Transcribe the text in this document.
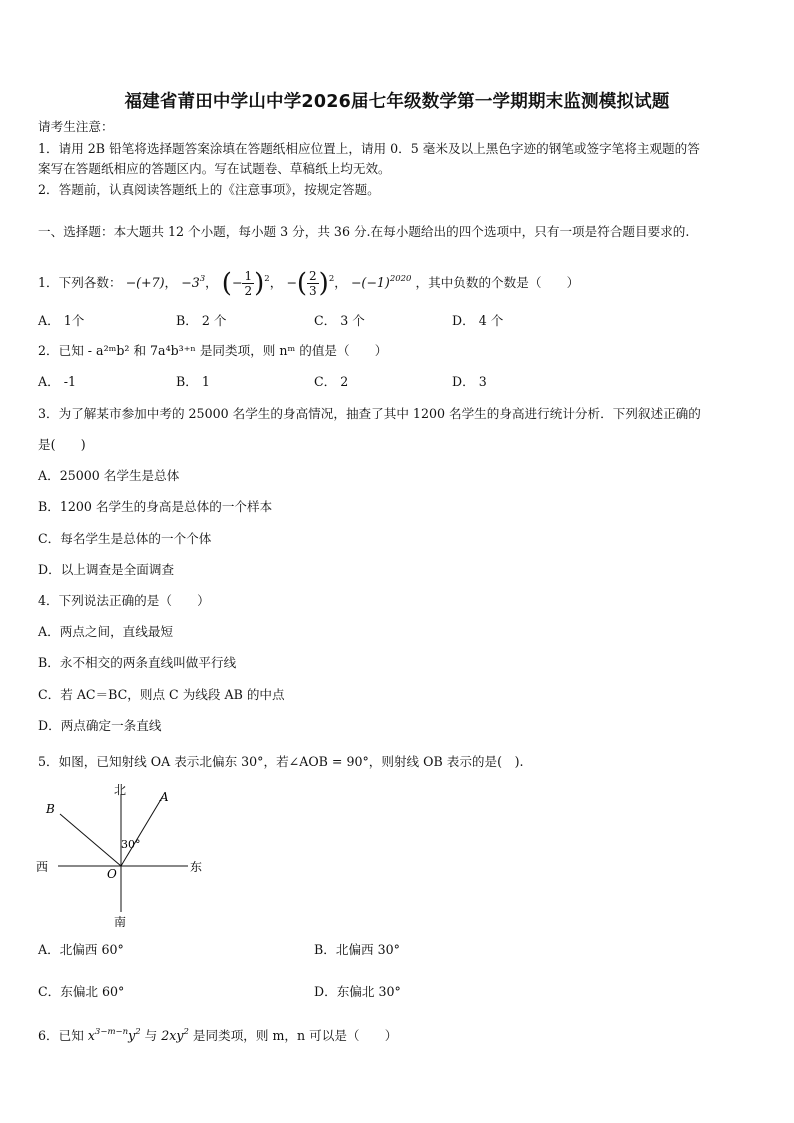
福建省莆田中学山中学2026届七年级数学第一学期期末监测模拟试题
请考生注意：
1．请用 2B 铅笔将选择题答案涂填在答题纸相应位置上，请用 0．5 毫米及以上黑色字迹的钢笔或签字笔将主观题的答
案写在答题纸相应的答题区内。写在试题卷、草稿纸上均无效。
2．答题前，认真阅读答题纸上的《注意事项》，按规定答题。
一、选择题：本大题共 12 个小题，每小题 3 分，共 36 分.在每小题给出的四个选项中，只有一项是符合题目要求的.
1．下列各数： −(+7)， $-3^3$， (− $\frac{1}{2} )^2$， −( $\frac{2}{3} )^2$， $-(-1)^{2020}$ ，其中负数的个数是（　　）
A． 1个	B． 2 个	C． 3 个	D． 4 个
2．已知 - a²ᵐb² 和 7a⁴b³⁺ⁿ 是同类项，则 nᵐ 的值是（　　）
A． -1	B． 1	C． 2	D． 3
3．为了解某市参加中考的 25000 名学生的身高情况，抽查了其中 1200 名学生的身高进行统计分析．下列叙述正确的
是(　　)
A．25000 名学生是总体
B．1200 名学生的身高是总体的一个样本
C．每名学生是总体的一个个体
D．以上调查是全面调查
4．下列说法正确的是（　　）
A．两点之间，直线最短
B．永不相交的两条直线叫做平行线
C．若 AC＝BC，则点 C 为线段 AB 的中点
D．两点确定一条直线
5．如图，已知射线 OA 表示北偏东 30°，若∠AOB = 90°，则射线 OB 表示的是(　).
北
南
西	东
A
B
O
30°
A．北偏西 60°	B．北偏西 30°
C．东偏北 60°	D．东偏北 30°
6．已知 $x^{3-m-n}y^2$ 与 $2xy^2$ 是同类项，则 m，n 可以是（　　）
